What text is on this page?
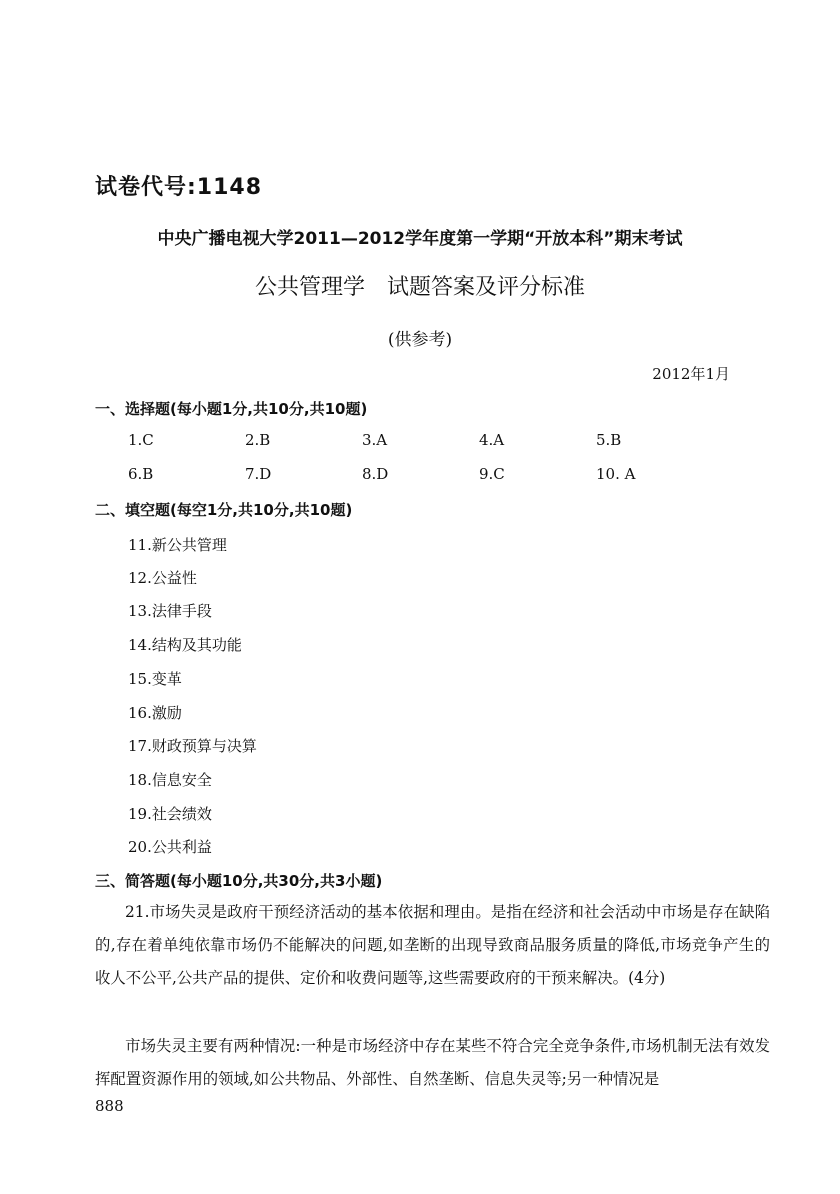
试卷代号:1148
中央广播电视大学2011—2012学年度第一学期“开放本科”期末考试
公共管理学　试题答案及评分标准
(供参考)
2012年1月
一、选择题(每小题1分,共10分,共10题)
1.C	2.B	3.A	4.A	5.B
6.B	7.D	8.D	9.C	10. A
二、填空题(每空1分,共10分,共10题)
11.新公共管理
12.公益性
13.法律手段
14.结构及其功能
15.变革
16.激励
17.财政预算与决算
18.信息安全
19.社会绩效
20.公共利益
三、简答题(每小题10分,共30分,共3小题)
21.市场失灵是政府干预经济活动的基本依据和理由。是指在经济和社会活动中市场是存在缺陷的,存在着单纯依靠市场仍不能解决的问题,如垄断的出现导致商品服务质量的降低,市场竞争产生的收人不公平,公共产品的提供、定价和收费问题等,这些需要政府的干预来解决。(4分)
市场失灵主要有两种情况:一种是市场经济中存在某些不符合完全竞争条件,市场机制无法有效发挥配置资源作用的领域,如公共物品、外部性、自然垄断、信息失灵等;另一种情况是
888
